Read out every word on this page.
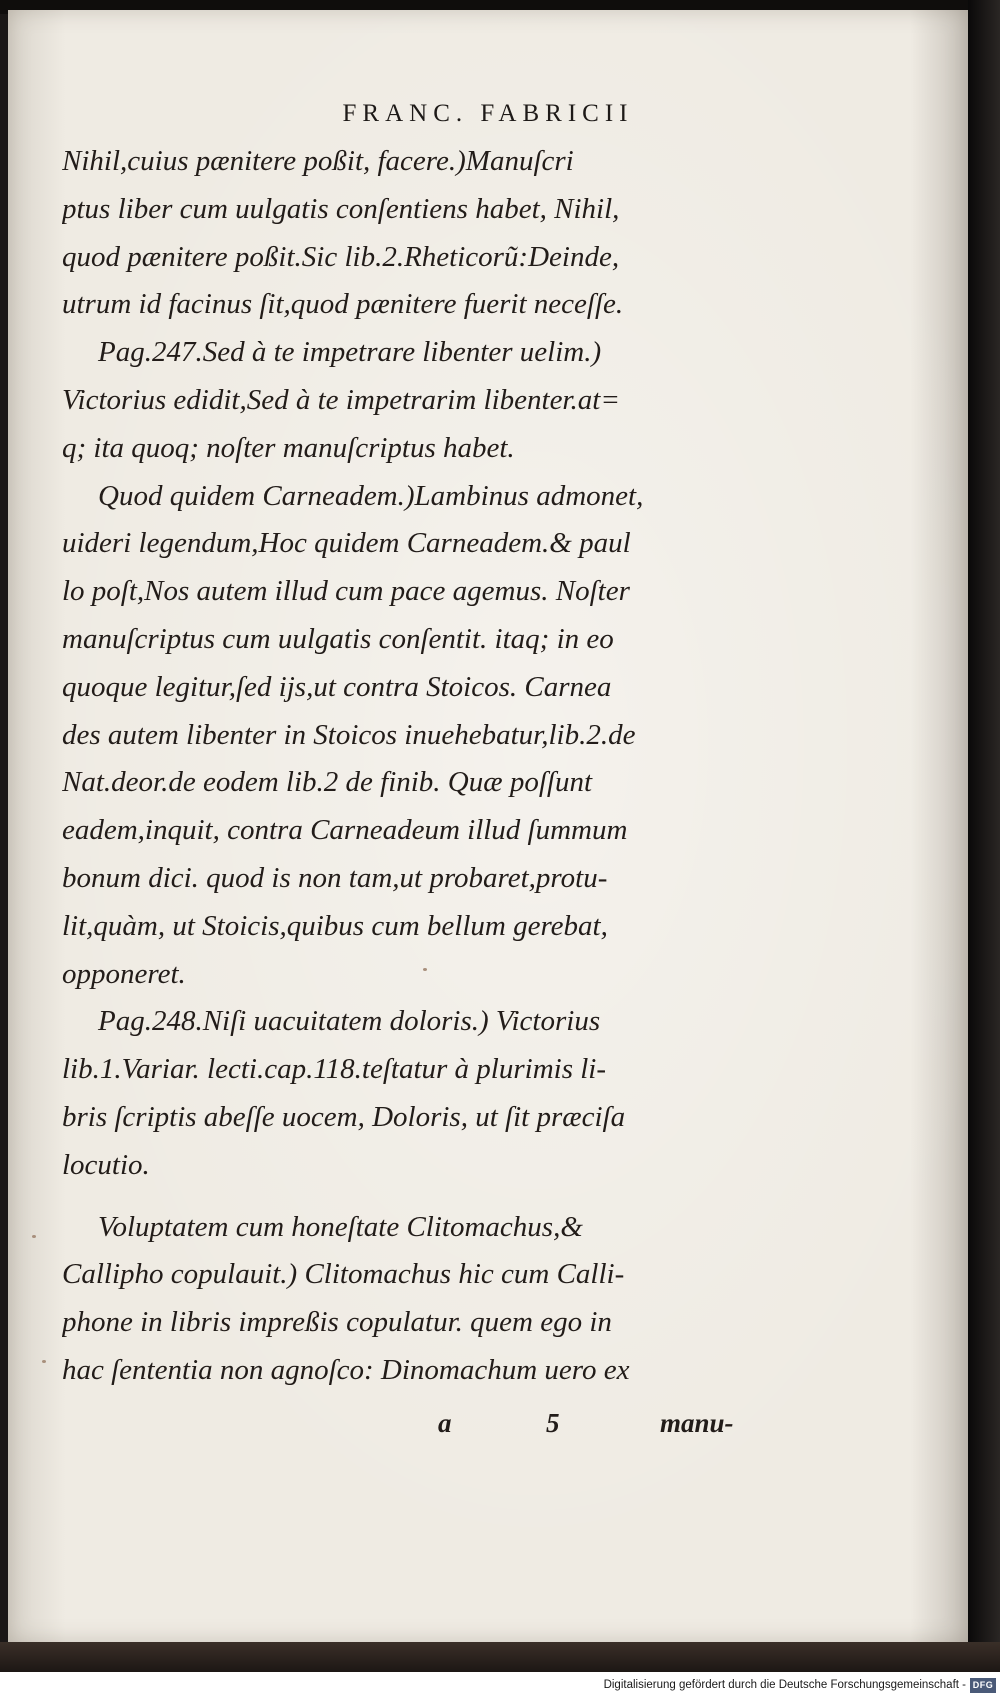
FRANC. FABRICII
Nihil,cuius pænitere poßit, facere.)Manuſcri
ptus liber cum uulgatis conſentiens habet, Nihil,
quod pænitere poßit.Sic lib.2.Rheticorũ:Deinde,
utrum id facinus ſit,quod pænitere fuerit neceſſe.
Pag.247.Sed à te impetrare libenter uelim.)
Victorius edidit,Sed à te impetrarim libenter.at=
q; ita quoq; noſter manuſcriptus habet.
Quod quidem Carneadem.)Lambinus admonet,
uideri legendum,Hoc quidem Carneadem.& paul
lo poſt,Nos autem illud cum pace agemus. Noſter
manuſcriptus cum uulgatis conſentit. itaq; in eo
quoque legitur,ſed ijs,ut contra Stoicos. Carnea
des autem libenter in Stoicos inuehebatur,lib.2.de
Nat.deor.de eodem lib.2 de finib. Quæ poſſunt
eadem,inquit, contra Carneadeum illud ſummum
bonum dici. quod is non tam,ut probaret,protu-
lit,quàm, ut Stoicis,quibus cum bellum gerebat,
opponeret.
Pag.248.Niſi uacuitatem doloris.) Victorius
lib.1.Variar. lecti.cap.118.teſtatur à plurimis li-
bris ſcriptis abeſſe uocem, Doloris, ut ſit præciſa
locutio.
Voluptatem cum honeſtate Clitomachus,&
Callipho copulauit.) Clitomachus hic cum Calli-
phone in libris impreßis copulatur. quem ego in
hac ſententia non agnoſco: Dinomachum uero ex
a	5	manu-
Digitalisierung gefördert durch die Deutsche Forschungsgemeinschaft - DFG
